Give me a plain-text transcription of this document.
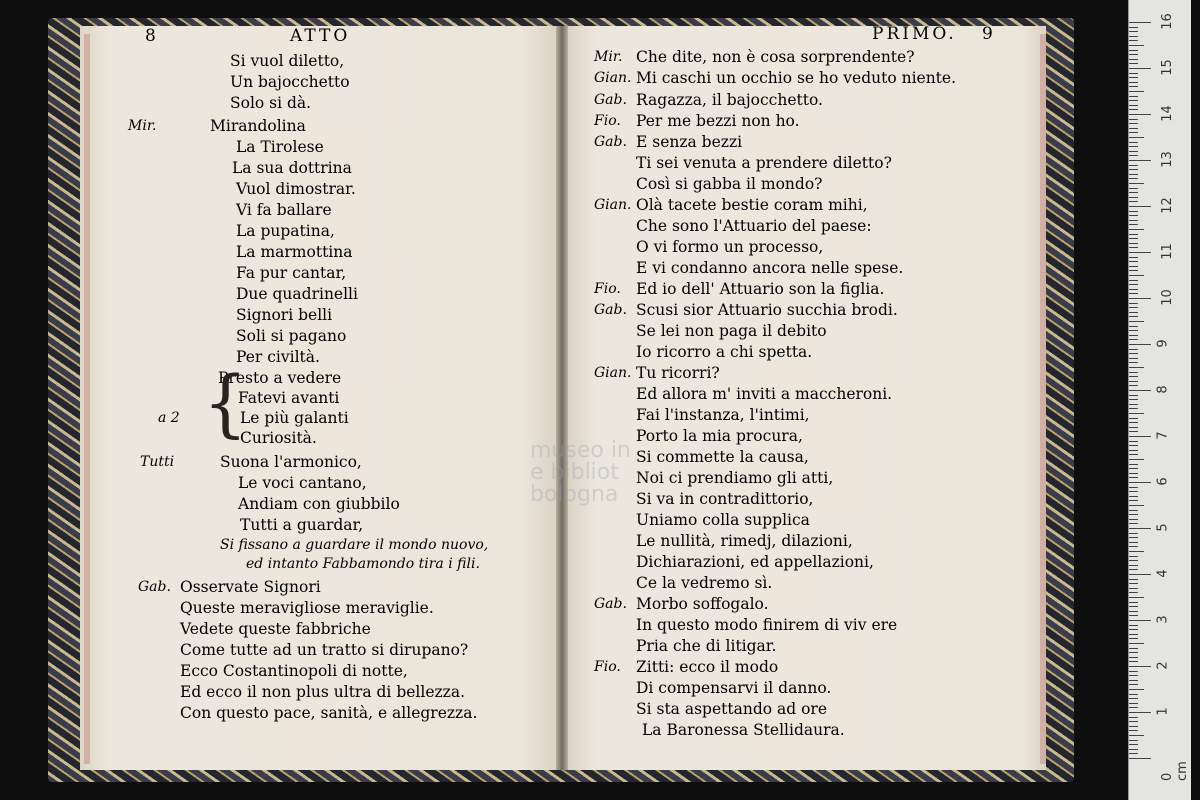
8	ATTO	PRIMO. 9
Si vuol diletto,
Un bajocchetto
Solo si dà.
Mir.	Mirandolina
La Tirolese
La sua dottrina
Vuol dimostrar.
Vi fa ballare
La pupatina,
La marmottina
Fa pur cantar,
Due quadrinelli
Signori belli
Soli si pagano
Per civiltà.
Presto a vedere
Fatevi avanti
a 2	Le più galanti
Curiosità.
Tutti	Suona l'armonico,
Le voci cantano,
Andiam con giubbilo
Tutti a guardar,
Si fissano a guardare il mondo nuovo,
ed intanto Fabbamondo tira i fili.
Gab. Osservate Signori
Queste meravigliose meraviglie.
Vedete queste fabbriche
Come tutte ad un tratto si dirupano?
Ecco Costantinopoli di notte,
Ed ecco il non plus ultra di bellezza.
Con questo pace, sanità, e allegrezza.
Mir. Che dite, non è cosa sorprendente?
Gian. Mi caschi un occhio se ho veduto niente.
Gab. Ragazza, il bajocchetto.
Fio. Per me bezzi non ho.
Gab. E senza bezzi
Ti sei venuta a prendere diletto?
Così si gabba il mondo?
Gian. Olà tacete bestie coram mihi,
Che sono l'Attuario del paese:
O vi formo un processo,
E vi condanno ancora nelle spese.
Fio. Ed io dell' Attuario son la figlia.
Gab. Scusi sior Attuario succhia brodi.
Se lei non paga il debito
Io ricorro a chi spetta.
Gian. Tu ricorri?
Ed allora m' inviti a maccheroni.
Fai l'instanza, l'intimi,
Porto la mia procura,
Si commette la causa,
Noi ci prendiamo gli atti,
Si va in contradittorio,
Uniamo colla supplica
Le nullità, rimedj, dilazioni,
Dichiarazioni, ed appellazioni,
Ce la vedremo sì.
Gab. Morbo soffogalo.
In questo modo finirem di viv ere
Pria che di litigar.
Fio. Zitti: ecco il modo
Di compensarvi il danno.
Si sta aspettando ad ore
La Baronessa Stellidaura.
{
museo in
e bibliot
bologna
16
15
14
13
12
11
10
9
8
7
6
5
4
3
2
1
0 cm
